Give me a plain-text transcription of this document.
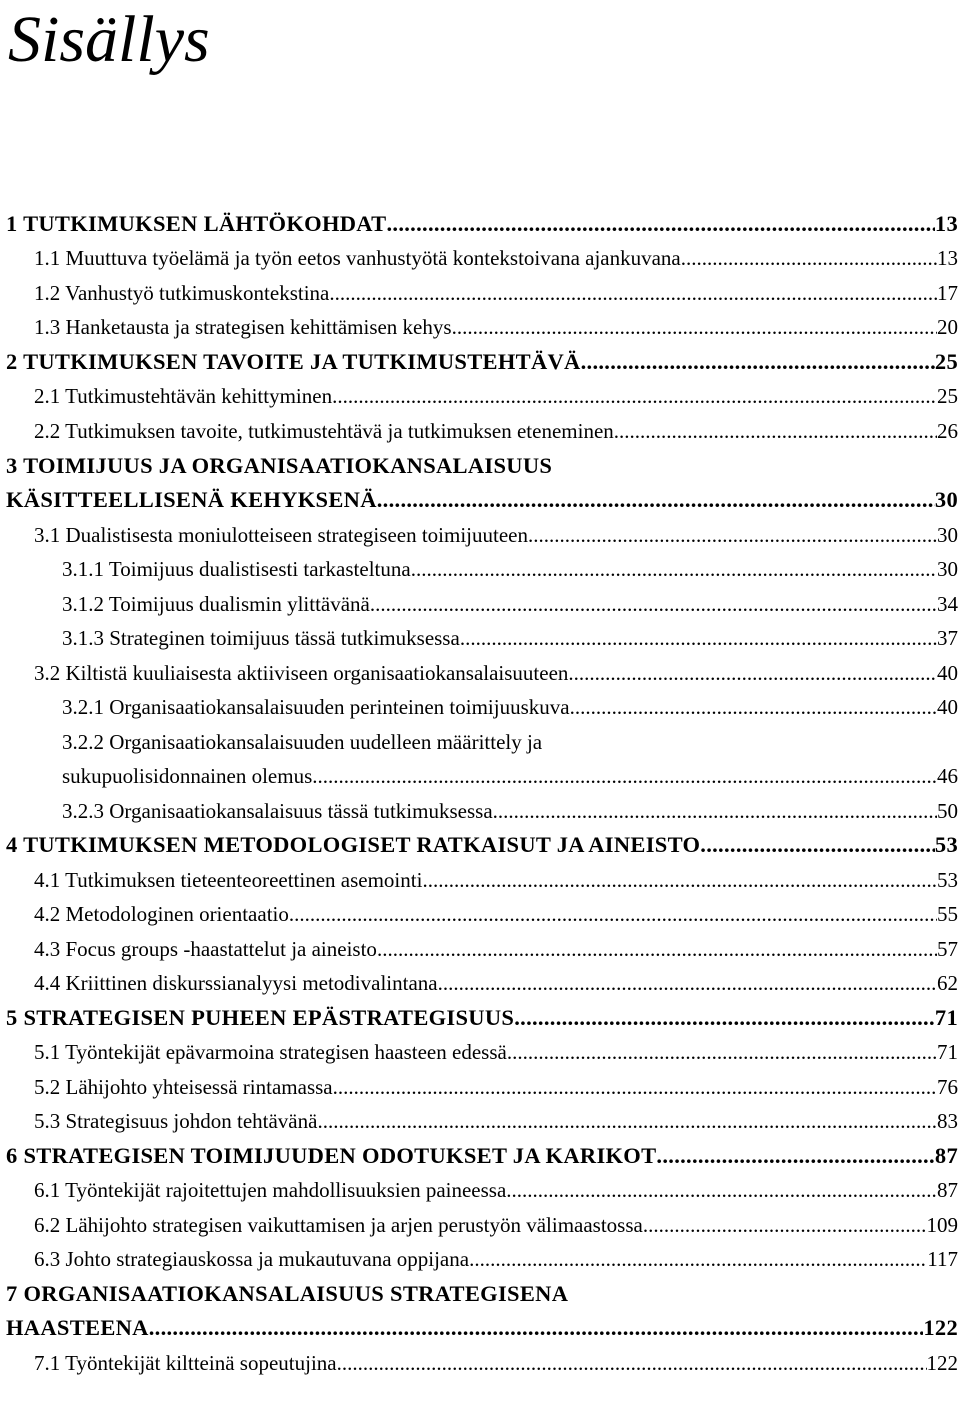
Sisällys
1 TUTKIMUKSEN LÄHTÖKOHDAT .....	13
1.1 Muuttuva työelämä ja työn eetos vanhustyötä kontekstoivana ajankuvana .....	13
1.2 Vanhustyö tutkimuskontekstina .....	17
1.3 Hanketausta ja strategisen kehittämisen kehys .....	20
2 TUTKIMUKSEN TAVOITE JA TUTKIMUSTEHTÄVÄ .....	25
2.1 Tutkimustehtävän kehittyminen .....	25
2.2 Tutkimuksen tavoite, tutkimustehtävä ja tutkimuksen eteneminen .....	26
3 TOIMIJUUS JA ORGANISAATIOKANSALAISUUS
KÄSITTEELLISENÄ KEHYKSENÄ .....	30
3.1 Dualistisesta moniulotteiseen strategiseen toimijuuteen .....	30
3.1.1 Toimijuus dualistisesti tarkasteltuna .....	30
3.1.2 Toimijuus dualismin ylittävänä .....	34
3.1.3 Strateginen toimijuus tässä tutkimuksessa .....	37
3.2 Kiltistä kuuliaisesta aktiiviseen organisaatiokansalaisuuteen .....	40
3.2.1 Organisaatiokansalaisuuden perinteinen toimijuuskuva .....	40
3.2.2 Organisaatiokansalaisuuden uudelleen määrittely ja
sukupuolisidonnainen olemus .....	46
3.2.3 Organisaatiokansalaisuus tässä tutkimuksessa .....	50
4 TUTKIMUKSEN METODOLOGISET RATKAISUT JA AINEISTO .....	53
4.1 Tutkimuksen tieteenteoreettinen asemointi .....	53
4.2 Metodologinen orientaatio .....	55
4.3 Focus groups -haastattelut ja aineisto .....	57
4.4 Kriittinen diskurssianalyysi metodivalintana .....	62
5 STRATEGISEN PUHEEN EPÄSTRATEGISUUS .....	71
5.1 Työntekijät epävarmoina strategisen haasteen edessä .....	71
5.2 Lähijohto yhteisessä rintamassa .....	76
5.3 Strategisuus johdon tehtävänä .....	83
6 STRATEGISEN TOIMIJUUDEN ODOTUKSET JA KARIKOT .....	87
6.1 Työntekijät rajoitettujen mahdollisuuksien paineessa .....	87
6.2 Lähijohto strategisen vaikuttamisen ja arjen perustyön välimaastossa .....	109
6.3 Johto strategiauskossa ja mukautuvana oppijana .....	117
7 ORGANISAATIOKANSALAISUUS STRATEGISENA
HAASTEENA .....	122
7.1 Työntekijät kiltteinä sopeutujina .....	122
